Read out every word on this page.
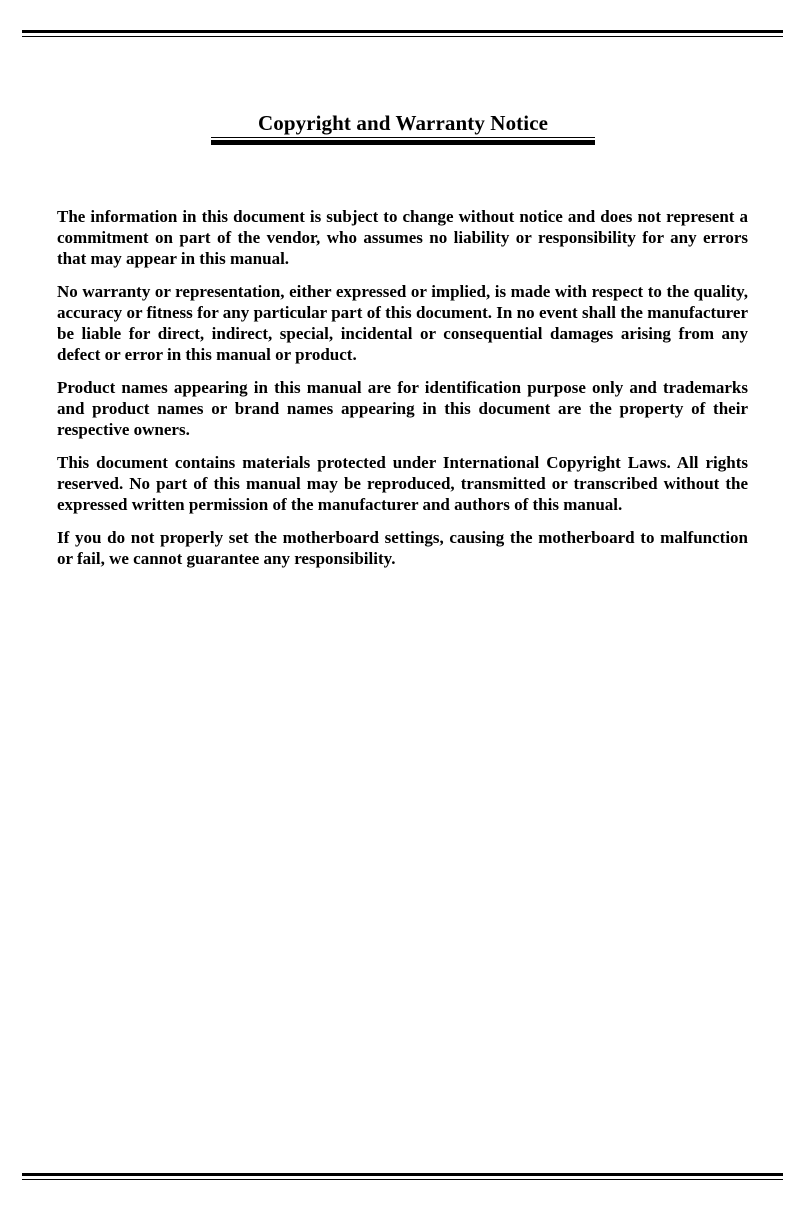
Copyright and Warranty Notice

The information in this document is subject to change without notice and does not represent a commitment on part of the vendor, who assumes no liability or responsibility for any errors that may appear in this manual.

No warranty or representation, either expressed or implied, is made with respect to the quality, accuracy or fitness for any particular part of this document. In no event shall the manufacturer be liable for direct, indirect, special, incidental or consequential damages arising from any defect or error in this manual or product.

Product names appearing in this manual are for identification purpose only and trademarks and product names or brand names appearing in this document are the property of their respective owners.

This document contains materials protected under International Copyright Laws. All rights reserved. No part of this manual may be reproduced, transmitted or transcribed without the expressed written permission of the manufacturer and authors of this manual.

If you do not properly set the motherboard settings, causing the motherboard to malfunction or fail, we cannot guarantee any responsibility.
